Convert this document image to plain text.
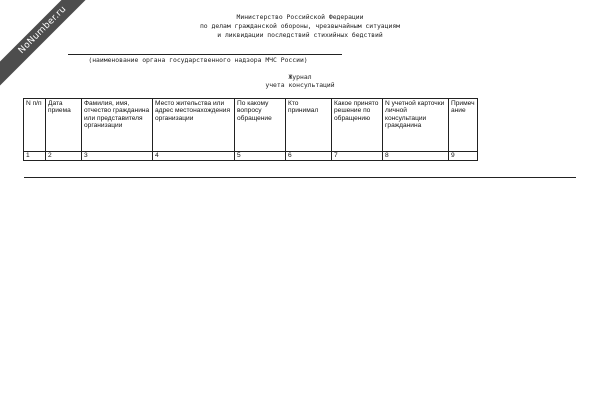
NoNumber.ru	Министерство Российской Федерации
по делам гражданской обороны, чрезвычайным ситуациям
и ликвидации последствий стихийных бедствий
(наименование органа государственного надзора МЧС России)
Журнал
учета консультаций
N п/п	Дата приема	Фамилия, имя, отчество гражданина или представителя организации	Место жительства или адрес местонахождения организации	По какому вопросу обращение	Кто принимал	Какое принято решение по обращению	N учетной карточки личной консультации гражданина	Примечание
1	2	3	4	5	6	7	8	9
